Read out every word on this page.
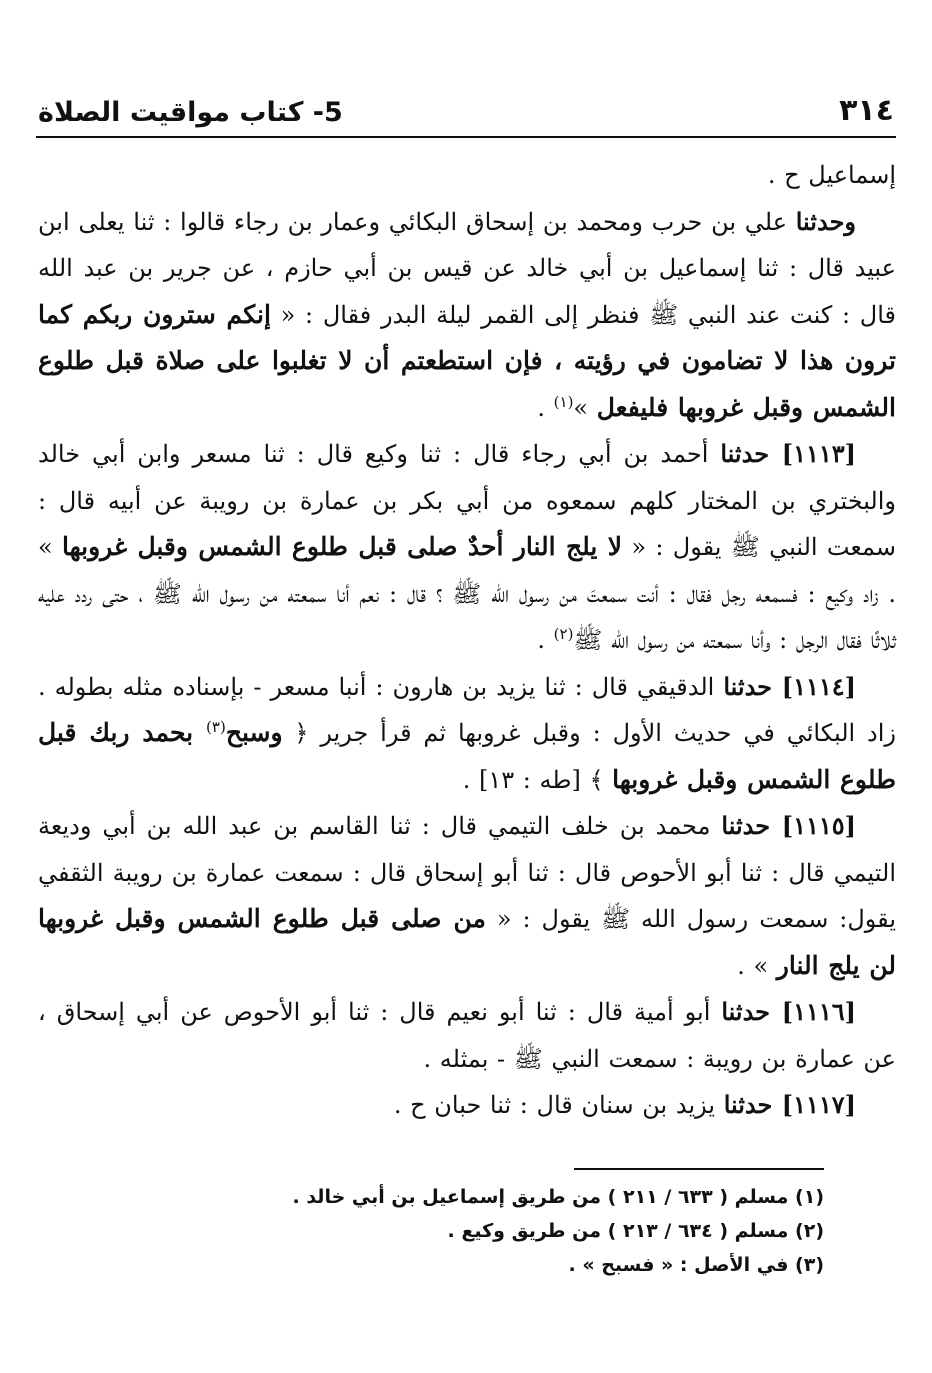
٣١٤
5- كتاب مواقيت الصلاة

إسماعيل ح .

وحدثنا علي بن حرب ومحمد بن إسحاق البكائي وعمار بن رجاء قالوا : ثنا يعلى ابن عبيد قال : ثنا إسماعيل بن أبي خالد عن قيس بن أبي حازم ، عن جرير بن عبد الله قال : كنت عند النبي ﷺ فنظر إلى القمر ليلة البدر فقال : « إنكم سترون ربكم كما ترون هذا لا تضامون في رؤيته ، فإن استطعتم أن لا تغلبوا على صلاة قبل طلوع الشمس وقبل غروبها فليفعل »$^{(١)}$ .

[١١١٣] حدثنا أحمد بن أبي رجاء قال : ثنا وكيع قال : ثنا مسعر وابن أبي خالد والبختري بن المختار كلهم سمعوه من أبي بكر بن عمارة بن رويبة عن أبيه قال : سمعت النبي ﷺ يقول : « لا يلج النار أحدٌ صلى قبل طلوع الشمس وقبل غروبها » . زاد وكيع : فسمعه رجل فقال : أنت سمعتَ من رسول الله ﷺ ؟ قال : نعم أنا سمعته من رسول الله ﷺ ، حتى ردد عليه ثلاثًا فقال الرجل : وأنا سمعته من رسول الله ﷺ$^{(٢)}$ .

[١١١٤] حدثنا الدقيقي قال : ثنا يزيد بن هارون : أنبا مسعر - بإسناده مثله بطوله . زاد البكائي في حديث الأول : وقبل غروبها ثم قرأ جرير ﴿ وسبح$^{(٣)}$ بحمد ربك قبل طلوع الشمس وقبل غروبها ﴾ [طه : ١٣] .

[١١١٥] حدثنا محمد بن خلف التيمي قال : ثنا القاسم بن عبد الله بن أبي وديعة التيمي قال : ثنا أبو الأحوص قال : ثنا أبو إسحاق قال : سمعت عمارة بن رويبة الثقفي يقول: سمعت رسول الله ﷺ يقول : « من صلى قبل طلوع الشمس وقبل غروبها لن يلج النار » .

[١١١٦] حدثنا أبو أمية قال : ثنا أبو نعيم قال : ثنا أبو الأحوص عن أبي إسحاق ، عن عمارة بن رويبة : سمعت النبي ﷺ - بمثله .

[١١١٧] حدثنا يزيد بن سنان قال : ثنا حبان ح .

(١) مسلم ( ٦٣٣ / ٢١١ ) من طريق إسماعيل بن أبي خالد .
(٢) مسلم ( ٦٣٤ / ٢١٣ ) من طريق وكيع .
(٣) في الأصل : « فسبح » .
